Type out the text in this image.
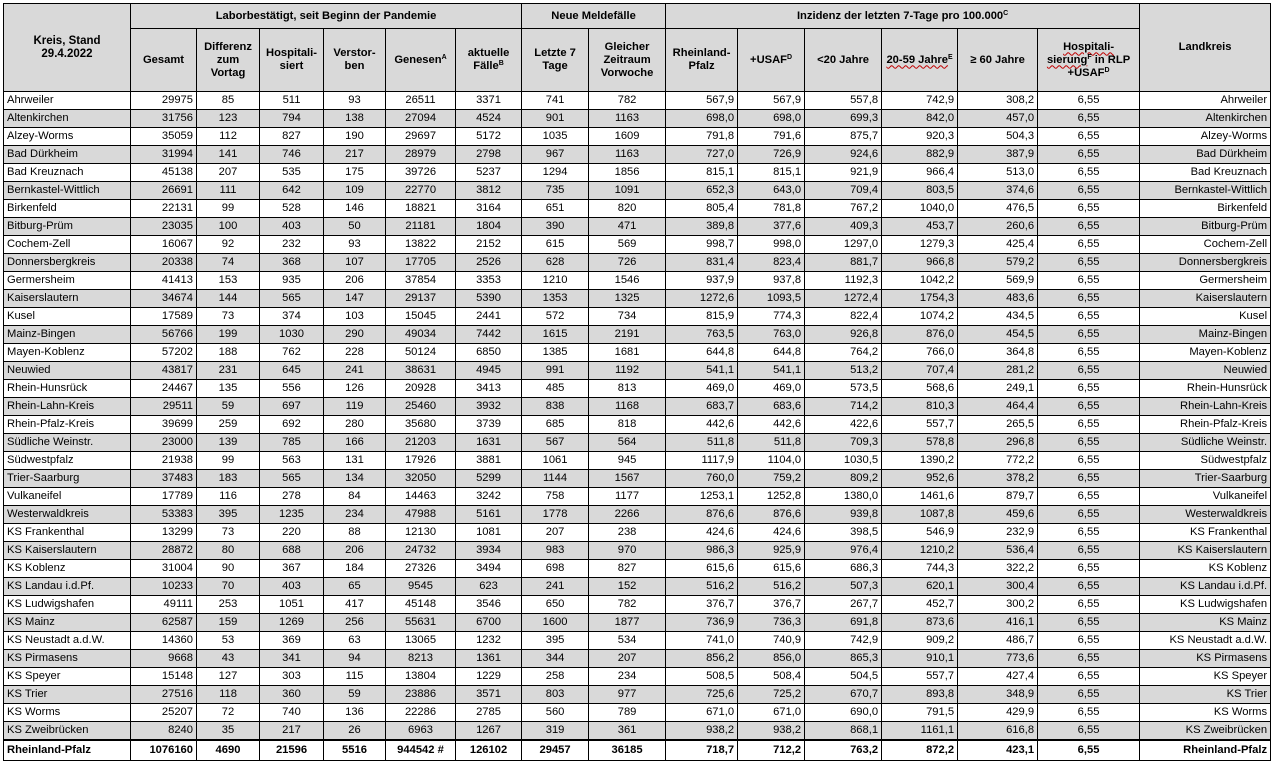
Kreis, Stand 29.4.2022	Laborbestätigt, seit Beginn der Pandemie						Neue Meldefälle		Inzidenz der letzten 7-Tage pro $100.000^C$						Landkreis
	Gesamt	Differenz zum Vortag	Hospitali-siert	Verstor-ben	Genesen$^A$	aktuelle Fälle$^B$	Letzte 7 Tage	Gleicher Zeitraum Vorwoche	Rheinland-Pfalz	$+USAF^D$	<20 Jahre	20-59 Jahre$^E$	≥ 60 Jahre	Hospitali-sierung$^F$ in RLP $+USAF^D$
Ahrweiler	29975	85	511	93	26511	3371	741	782	567,9	567,9	557,8	742,9	308,2	6,55	Ahrweiler
Altenkirchen	31756	123	794	138	27094	4524	901	1163	698,0	698,0	699,3	842,0	457,0	6,55	Altenkirchen
Alzey-Worms	35059	112	827	190	29697	5172	1035	1609	791,8	791,6	875,7	920,3	504,3	6,55	Alzey-Worms
Bad Dürkheim	31994	141	746	217	28979	2798	967	1163	727,0	726,9	924,6	882,9	387,9	6,55	Bad Dürkheim
Bad Kreuznach	45138	207	535	175	39726	5237	1294	1856	815,1	815,1	921,9	966,4	513,0	6,55	Bad Kreuznach
Bernkastel-Wittlich	26691	111	642	109	22770	3812	735	1091	652,3	643,0	709,4	803,5	374,6	6,55	Bernkastel-Wittlich
Birkenfeld	22131	99	528	146	18821	3164	651	820	805,4	781,8	767,2	1040,0	476,5	6,55	Birkenfeld
Bitburg-Prüm	23035	100	403	50	21181	1804	390	471	389,8	377,6	409,3	453,7	260,6	6,55	Bitburg-Prüm
Cochem-Zell	16067	92	232	93	13822	2152	615	569	998,7	998,0	1297,0	1279,3	425,4	6,55	Cochem-Zell
Donnersbergkreis	20338	74	368	107	17705	2526	628	726	831,4	823,4	881,7	966,8	579,2	6,55	Donnersbergkreis
Germersheim	41413	153	935	206	37854	3353	1210	1546	937,9	937,8	1192,3	1042,2	569,9	6,55	Germersheim
Kaiserslautern	34674	144	565	147	29137	5390	1353	1325	1272,6	1093,5	1272,4	1754,3	483,6	6,55	Kaiserslautern
Kusel	17589	73	374	103	15045	2441	572	734	815,9	774,3	822,4	1074,2	434,5	6,55	Kusel
Mainz-Bingen	56766	199	1030	290	49034	7442	1615	2191	763,5	763,0	926,8	876,0	454,5	6,55	Mainz-Bingen
Mayen-Koblenz	57202	188	762	228	50124	6850	1385	1681	644,8	644,8	764,2	766,0	364,8	6,55	Mayen-Koblenz
Neuwied	43817	231	645	241	38631	4945	991	1192	541,1	541,1	513,2	707,4	281,2	6,55	Neuwied
Rhein-Hunsrück	24467	135	556	126	20928	3413	485	813	469,0	469,0	573,5	568,6	249,1	6,55	Rhein-Hunsrück
Rhein-Lahn-Kreis	29511	59	697	119	25460	3932	838	1168	683,7	683,6	714,2	810,3	464,4	6,55	Rhein-Lahn-Kreis
Rhein-Pfalz-Kreis	39699	259	692	280	35680	3739	685	818	442,6	442,6	422,6	557,7	265,5	6,55	Rhein-Pfalz-Kreis
Südliche Weinstr.	23000	139	785	166	21203	1631	567	564	511,8	511,8	709,3	578,8	296,8	6,55	Südliche Weinstr.
Südwestpfalz	21938	99	563	131	17926	3881	1061	945	1117,9	1104,0	1030,5	1390,2	772,2	6,55	Südwestpfalz
Trier-Saarburg	37483	183	565	134	32050	5299	1144	1567	760,0	759,2	809,2	952,6	378,2	6,55	Trier-Saarburg
Vulkaneifel	17789	116	278	84	14463	3242	758	1177	1253,1	1252,8	1380,0	1461,6	879,7	6,55	Vulkaneifel
Westerwaldkreis	53383	395	1235	234	47988	5161	1778	2266	876,6	876,6	939,8	1087,8	459,6	6,55	Westerwaldkreis
KS Frankenthal	13299	73	220	88	12130	1081	207	238	424,6	424,6	398,5	546,9	232,9	6,55	KS Frankenthal
KS Kaiserslautern	28872	80	688	206	24732	3934	983	970	986,3	925,9	976,4	1210,2	536,4	6,55	KS Kaiserslautern
KS Koblenz	31004	90	367	184	27326	3494	698	827	615,6	615,6	686,3	744,3	322,2	6,55	KS Koblenz
KS Landau i.d.Pf.	10233	70	403	65	9545	623	241	152	516,2	516,2	507,3	620,1	300,4	6,55	KS Landau i.d.Pf.
KS Ludwigshafen	49111	253	1051	417	45148	3546	650	782	376,7	376,7	267,7	452,7	300,2	6,55	KS Ludwigshafen
KS Mainz	62587	159	1269	256	55631	6700	1600	1877	736,9	736,3	691,8	873,6	416,1	6,55	KS Mainz
KS Neustadt a.d.W.	14360	53	369	63	13065	1232	395	534	741,0	740,9	742,9	909,2	486,7	6,55	KS Neustadt a.d.W.
KS Pirmasens	9668	43	341	94	8213	1361	344	207	856,2	856,0	865,3	910,1	773,6	6,55	KS Pirmasens
KS Speyer	15148	127	303	115	13804	1229	258	234	508,5	508,4	504,5	557,7	427,4	6,55	KS Speyer
KS Trier	27516	118	360	59	23886	3571	803	977	725,6	725,2	670,7	893,8	348,9	6,55	KS Trier
KS Worms	25207	72	740	136	22286	2785	560	789	671,0	671,0	690,0	791,5	429,9	6,55	KS Worms
KS Zweibrücken	8240	35	217	26	6963	1267	319	361	938,2	938,2	868,1	1161,1	616,8	6,55	KS Zweibrücken
Rheinland-Pfalz	1076160	4690	21596	5516	944542 #	126102	29457	36185	718,7	712,2	763,2	872,2	423,1	6,55	Rheinland-Pfalz
